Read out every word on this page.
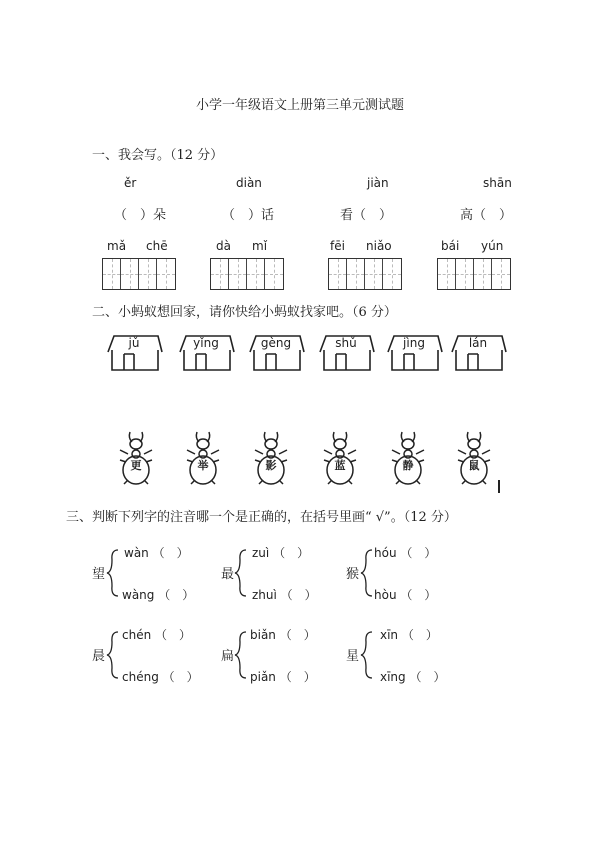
小学一年级语文上册第三单元测试题
一、我会写。（12 分）
ěr	diàn	jiàn	shān
（　）朵	（　）话	看（　）	高（　）
mǎ chē	dà mǐ	fēi niǎo	bái yún
二、小蚂蚁想回家，请你快给小蚂蚁找家吧。（6 分）
jǔ	yǐng	gèng	shǔ	jìng	lán
更	举	影	蓝	静	鼠
三、判断下列字的注音哪一个是正确的，在括号里画“ √”。（12 分）
望
wàn （　）
wàng （　）
最
zuì （　）
zhuì （　）
猴
hóu （　）
hòu （　）
晨
chén （　）
chéng （　）
扁
biǎn （　）
piǎn （　）
星
xīn （　）
xīng （　）
